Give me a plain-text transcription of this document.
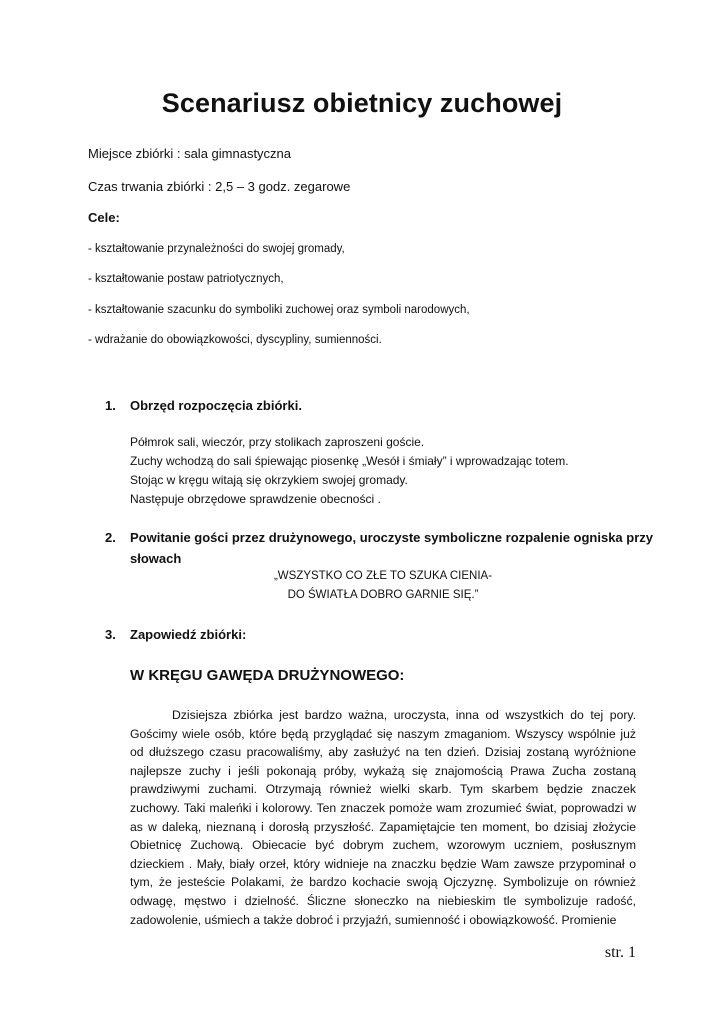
Scenariusz obietnicy zuchowej
Miejsce zbiórki : sala gimnastyczna
Czas trwania zbiórki : 2,5 – 3 godz. zegarowe
Cele:
- kształtowanie przynależności do swojej gromady,
- kształtowanie postaw patriotycznych,
- kształtowanie szacunku do symboliki zuchowej oraz symboli narodowych,
- wdrażanie do obowiązkowości, dyscypliny, sumienności.
1. Obrzęd rozpoczęcia zbiórki.
Półmrok sali, wieczór, przy stolikach zaproszeni goście.
Zuchy wchodzą do sali śpiewając piosenkę „Wesół i śmiały” i wprowadzając totem.
Stojąc w kręgu witają się okrzykiem swojej gromady.
Następuje obrzędowe sprawdzenie obecności .
2. Powitanie gości przez drużynowego, uroczyste symboliczne rozpalenie ogniska przy
słowach
„WSZYSTKO CO ZŁE TO SZUKA CIENIA-
DO ŚWIATŁA DOBRO GARNIE SIĘ.”
3. Zapowiedź zbiórki:
W KRĘGU GAWĘDA DRUŻYNOWEGO:

Dzisiejsza zbiórka jest bardzo ważna, uroczysta, inna od wszystkich do tej pory. Gościmy wiele osób, które będą przyglądać się naszym zmaganiom. Wszyscy wspólnie już od dłuższego czasu pracowaliśmy, aby zasłużyć na ten dzień. Dzisiaj zostaną wyróżnione najlepsze zuchy i jeśli pokonają próby, wykażą się znajomością Prawa Zucha zostaną prawdziwymi zuchami. Otrzymają również wielki skarb. Tym skarbem będzie znaczek zuchowy. Taki maleńki i kolorowy. Ten znaczek pomoże wam zrozumieć świat, poprowadzi w as w daleką, nieznaną i dorosłą przyszłość. Zapamiętajcie ten moment, bo dzisiaj złożycie Obietnicę Zuchową. Obiecacie być dobrym zuchem, wzorowym uczniem, posłusznym dzieckiem . Mały, biały orzeł, który widnieje na znaczku będzie Wam zawsze przypominał o tym, że jesteście Polakami, że bardzo kochacie swoją Ojczyznę. Symbolizuje on również odwagę, męstwo i dzielność. Śliczne słoneczko na niebieskim tle symbolizuje radość, zadowolenie, uśmiech a także dobroć i przyjaźń, sumienność i obowiązkowość. Promienie

str. 1
